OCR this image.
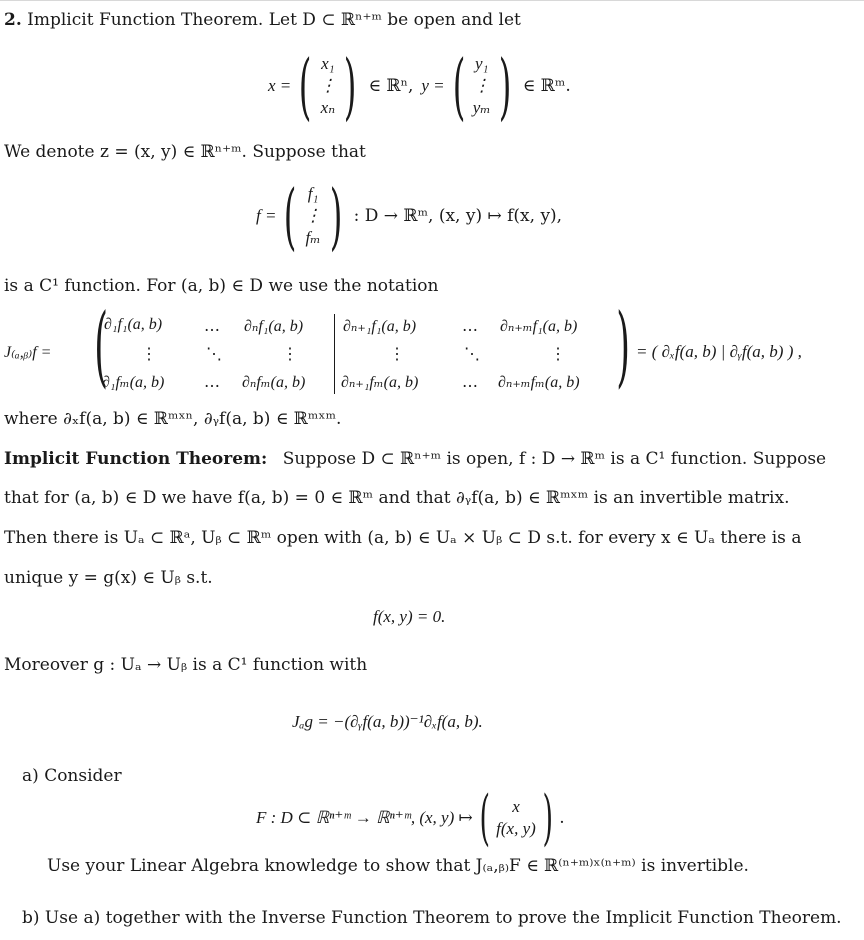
2. Implicit Function Theorem. Let D ⊂ ℝⁿ⁺ᵐ be open and let
x = ( x₁
⋮
xₙ ) ∈ ℝⁿ, y = ( y₁
⋮
yₘ ) ∈ ℝᵐ.
We denote z = (x, y) ∈ ℝⁿ⁺ᵐ. Suppose that
f = ( f₁
⋮
fₘ ) : D → ℝᵐ, (x, y) ↦ f(x, y),
is a C¹ function. For (a, b) ∈ D we use the notation
J₍ₐ,ᵦ₎f = (
∂₁f₁(a, b)	… ∂ₙf₁(a, b) ∂ₙ₊₁f₁(a, b)	… ∂ₙ₊ₘf₁(a, b)
⋮	⋱	⋮	⋮	⋱	⋮
∂₁fₘ(a, b) … ∂ₙfₘ(a, b) ∂ₙ₊₁fₘ(a, b)	… ∂ₙ₊ₘfₘ(a, b) ) = ( ∂ₓf(a, b) | ∂ᵧf(a, b) ) ,
where ∂ₓf(a, b) ∈ ℝᵐˣⁿ, ∂ᵧf(a, b) ∈ ℝᵐˣᵐ.
Implicit Function Theorem: Suppose D ⊂ ℝⁿ⁺ᵐ is open, f : D → ℝᵐ is a C¹ function. Suppose
that for (a, b) ∈ D we have f(a, b) = 0 ∈ ℝᵐ and that ∂ᵧf(a, b) ∈ ℝᵐˣᵐ is an invertible matrix.
Then there is Uₐ ⊂ ℝᵃ, Uᵦ ⊂ ℝᵐ open with (a, b) ∈ Uₐ × Uᵦ ⊂ D s.t. for every x ∈ Uₐ there is a
unique y = g(x) ∈ Uᵦ s.t.
f(x, y) = 0.
Moreover g : Uₐ → Uᵦ is a C¹ function with
Jₐg = −(∂ᵧf(a, b))⁻¹∂ₓf(a, b).
a) Consider
F : D ⊂ ℝⁿ⁺ᵐ → ℝⁿ⁺ᵐ, (x, y) ↦ ( x
f(x, y) ) .
Use your Linear Algebra knowledge to show that J₍ₐ,ᵦ₎F ∈ ℝ⁽ⁿ⁺ᵐ⁾ˣ⁽ⁿ⁺ᵐ⁾ is invertible.
b) Use a) together with the Inverse Function Theorem to prove the Implicit Function Theorem.
